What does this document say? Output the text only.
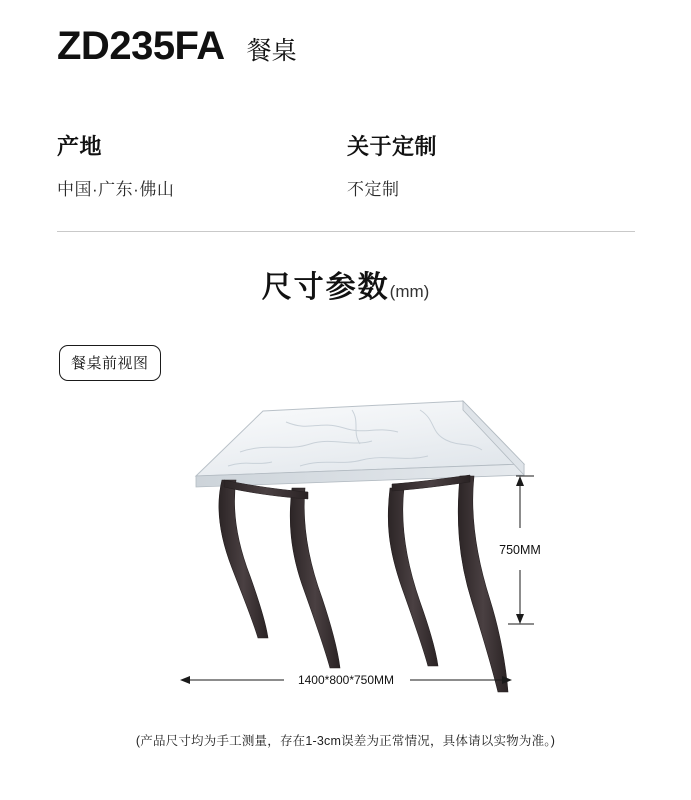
ZD235FA 餐桌
产地
中国·广东·佛山
关于定制
不定制
尺寸参数(mm)
餐桌前视图
750MM
1400*800*750MM
(产品尺寸均为手工测量，存在1-3cm误差为正常情况，具体请以实物为准。)
